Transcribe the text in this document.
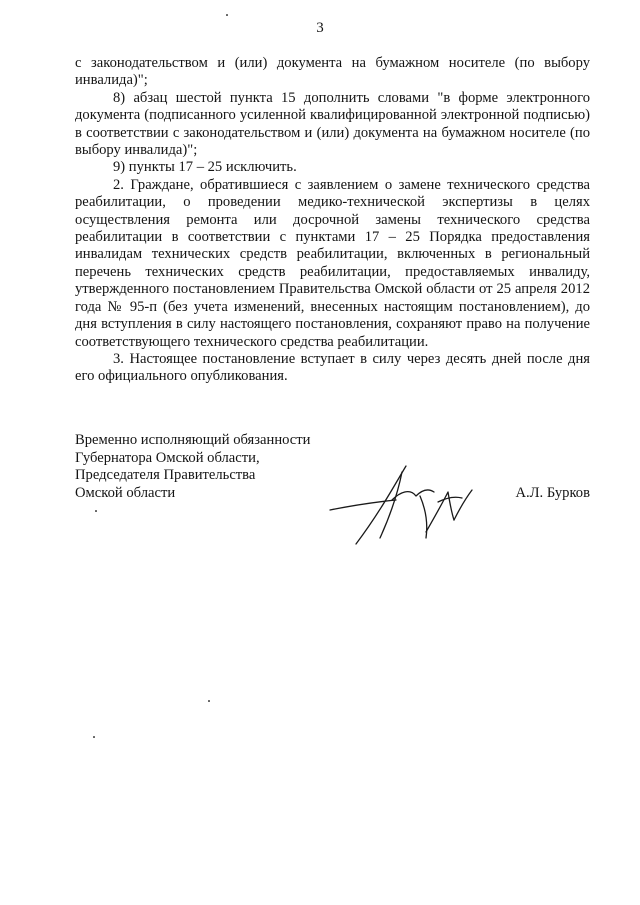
3

с законодательством и (или) документа на бумажном носителе (по выбору инвалида)";

8) абзац шестой пункта 15 дополнить словами "в форме электронного документа (подписанного усиленной квалифицированной электронной подписью) в соответствии с законодательством и (или) документа на бумажном носителе (по выбору инвалида)";

9) пункты 17 – 25 исключить.

2. Граждане, обратившиеся с заявлением о замене технического средства реабилитации, о проведении медико-технической экспертизы в целях осуществления ремонта или досрочной замены технического средства реабилитации в соответствии с пунктами 17 – 25 Порядка предоставления инвалидам технических средств реабилитации, включенных в региональный перечень технических средств реабилитации, предоставляемых инвалиду, утвержденного постановлением Правительства Омской области от 25 апреля 2012 года № 95-п (без учета изменений, внесенных настоящим постановлением), до дня вступления в силу настоящего постановления, сохраняют право на получение соответствующего технического средства реабилитации.

3. Настоящее постановление вступает в силу через десять дней после дня его официального опубликования.

Временно исполняющий обязанности
Губернатора Омской области,
Председателя Правительства
Омской области	А.Л. Бурков
